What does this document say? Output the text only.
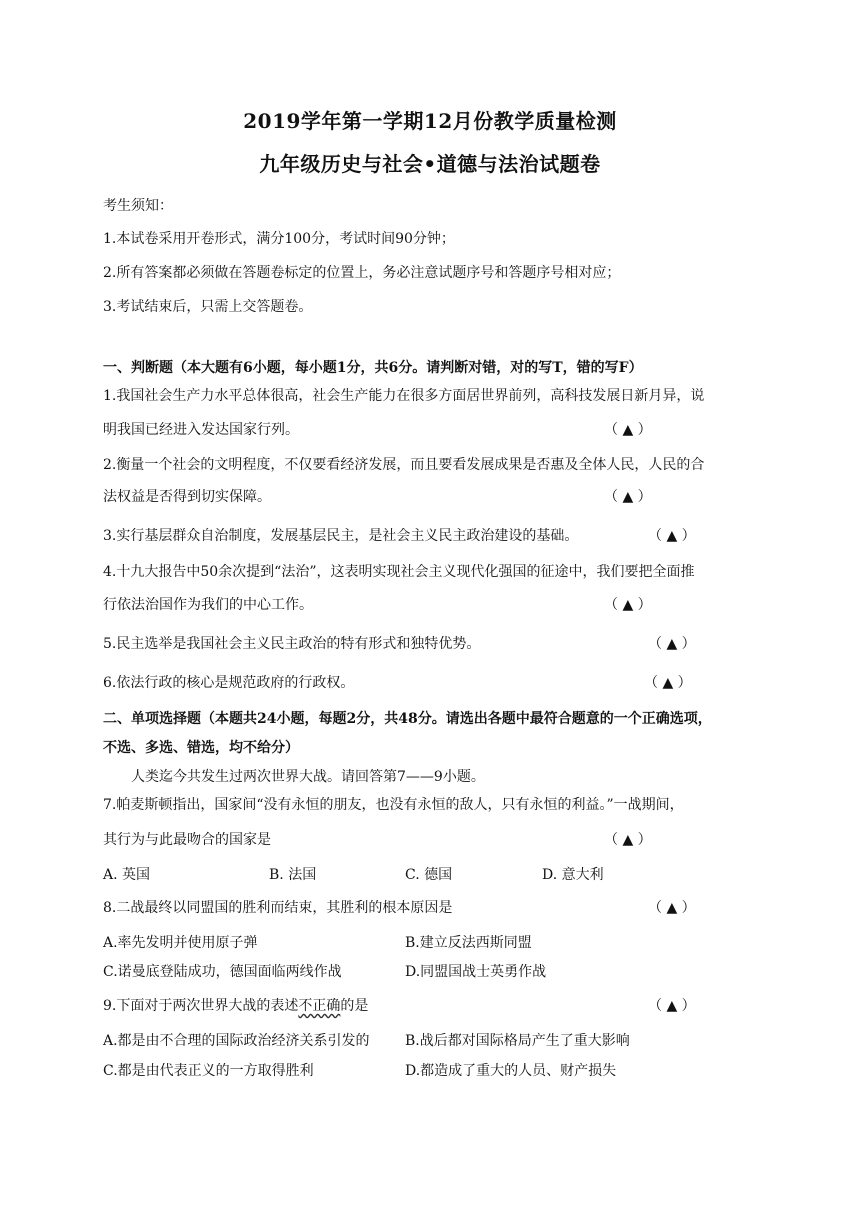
2019学年第一学期12月份教学质量检测
九年级历史与社会•道德与法治试题卷
考生须知：
1.本试卷采用开卷形式，满分100分，考试时间90分钟；
2.所有答案都必须做在答题卷标定的位置上，务必注意试题序号和答题序号相对应；
3.考试结束后，只需上交答题卷。
一、判断题（本大题有6小题，每小题1分，共6分。请判断对错，对的写T，错的写F）
1.我国社会生产力水平总体很高，社会生产能力在很多方面居世界前列，高科技发展日新月异，说
明我国已经进入发达国家行列。	（ ▲ ）
2.衡量一个社会的文明程度，不仅要看经济发展，而且要看发展成果是否惠及全体人民，人民的合
法权益是否得到切实保障。	（ ▲ ）
3.实行基层群众自治制度，发展基层民主，是社会主义民主政治建设的基础。	（ ▲ ）
4.十九大报告中50余次提到“法治”，这表明实现社会主义现代化强国的征途中，我们要把全面推
行依法治国作为我们的中心工作。	（ ▲ ）
5.民主选举是我国社会主义民主政治的特有形式和独特优势。	（ ▲ ）
6.依法行政的核心是规范政府的行政权。	（ ▲ ）
二、单项选择题（本题共24小题，每题2分，共48分。请选出各题中最符合题意的一个正确选项，
不选、多选、错选，均不给分）
人类迄今共发生过两次世界大战。请回答第7——9小题。
7.帕麦斯顿指出，国家间“没有永恒的朋友，也没有永恒的敌人，只有永恒的利益。”一战期间，
其行为与此最吻合的国家是	（ ▲ ）
A. 英国	B. 法国	C. 德国	D. 意大利
8.二战最终以同盟国的胜利而结束，其胜利的根本原因是	（ ▲ ）
A.率先发明并使用原子弹	B.建立反法西斯同盟
C.诺曼底登陆成功，德国面临两线作战	D.同盟国战士英勇作战
9.下面对于两次世界大战的表述不正确的是	（ ▲ ）
A.都是由不合理的国际政治经济关系引发的	B.战后都对国际格局产生了重大影响
C.都是由代表正义的一方取得胜利	D.都造成了重大的人员、财产损失
